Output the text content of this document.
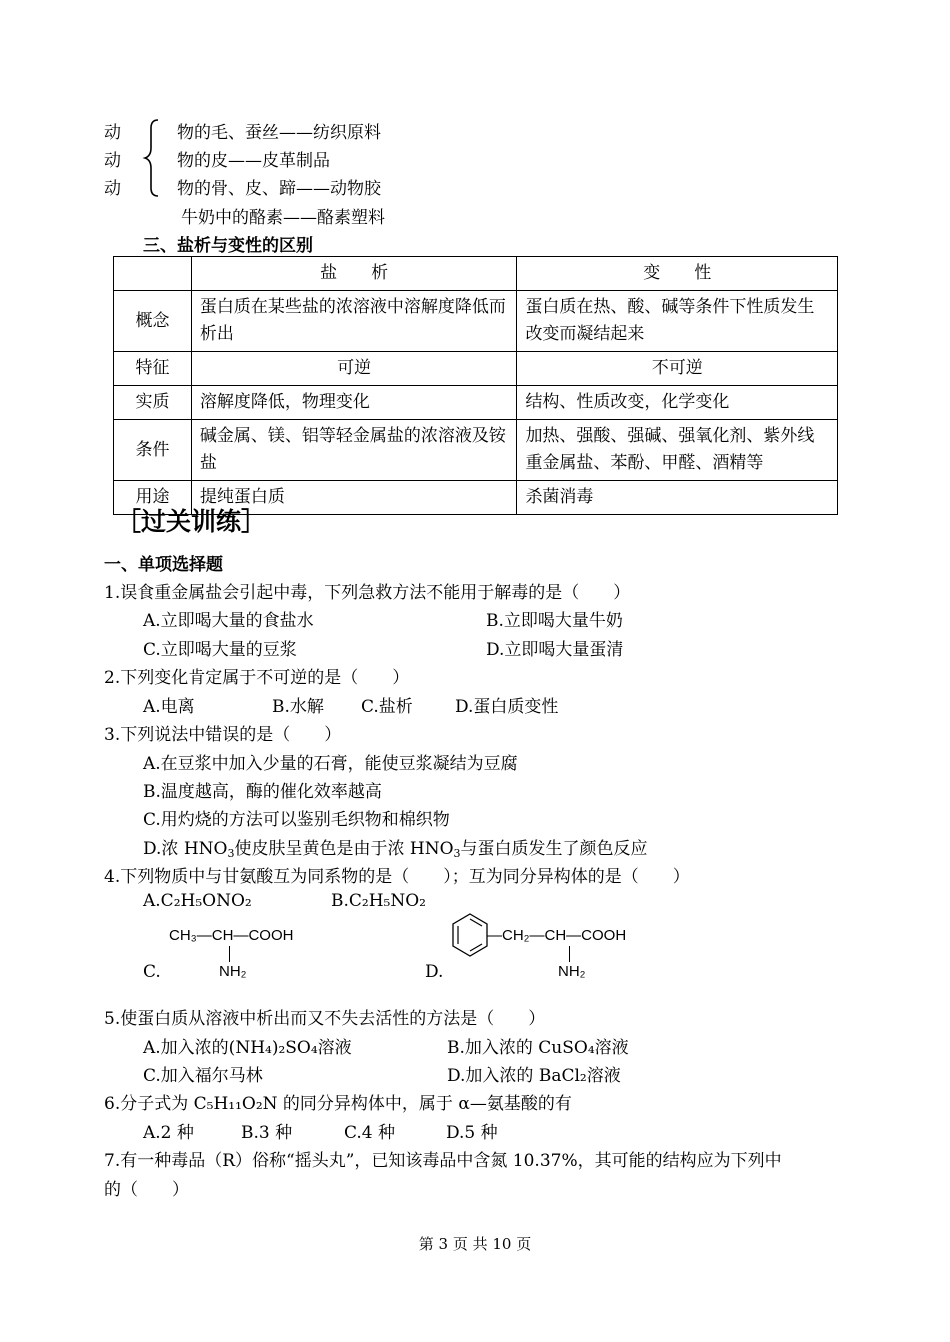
动
动
动
物的毛、蚕丝——纺织原料
物的皮——皮革制品
物的骨、皮、蹄——动物胶
牛奶中的酪素——酪素塑料
三、盐析与变性的区别
	盐　　析	变　　性
概念	蛋白质在某些盐的浓溶液中溶解度降低而析出	蛋白质在热、酸、碱等条件下性质发生改变而凝结起来
特征	可逆	不可逆
实质	溶解度降低，物理变化	结构、性质改变，化学变化
条件	碱金属、镁、铝等轻金属盐的浓溶液及铵盐	加热、强酸、强碱、强氧化剂、紫外线重金属盐、苯酚、甲醛、酒精等
用途	提纯蛋白质	杀菌消毒
［过关训练］
一、单项选择题
1.误食重金属盐会引起中毒，下列急救方法不能用于解毒的是（　　）
A.立即喝大量的食盐水	B.立即喝大量牛奶
C.立即喝大量的豆浆	D.立即喝大量蛋清
2.下列变化肯定属于不可逆的是（　　）
A.电离	B.水解 C.盐析 D.蛋白质变性
3.下列说法中错误的是（　　）
A.在豆浆中加入少量的石膏，能使豆浆凝结为豆腐
B.温度越高，酶的催化效率越高
C.用灼烧的方法可以鉴别毛织物和棉织物
D.浓 $HNO_3$使皮肤呈黄色是由于浓 $HNO_3$与蛋白质发生了颜色反应
4.下列物质中与甘氨酸互为同系物的是（　　）；互为同分异构体的是（　　）
A.C₂H₅ONO₂	B.C₂H₅NO₂
CH₃—CH—COOH
NH₂
C.
—CH₂—CH—COOH
NH₂
D.
5.使蛋白质从溶液中析出而又不失去活性的方法是（　　）
A.加入浓的(NH₄)₂SO₄溶液	B.加入浓的 CuSO₄溶液
C.加入福尔马林	D.加入浓的 BaCl₂溶液
6.分子式为 C₅H₁₁O₂N 的同分异构体中，属于 α—氨基酸的有
A.2 种	B.3 种	C.4 种	D.5 种
7.有一种毒品（R）俗称“摇头丸”，已知该毒品中含氮 10.37%，其可能的结构应为下列中
的（　　）
第 3 页 共 10 页
